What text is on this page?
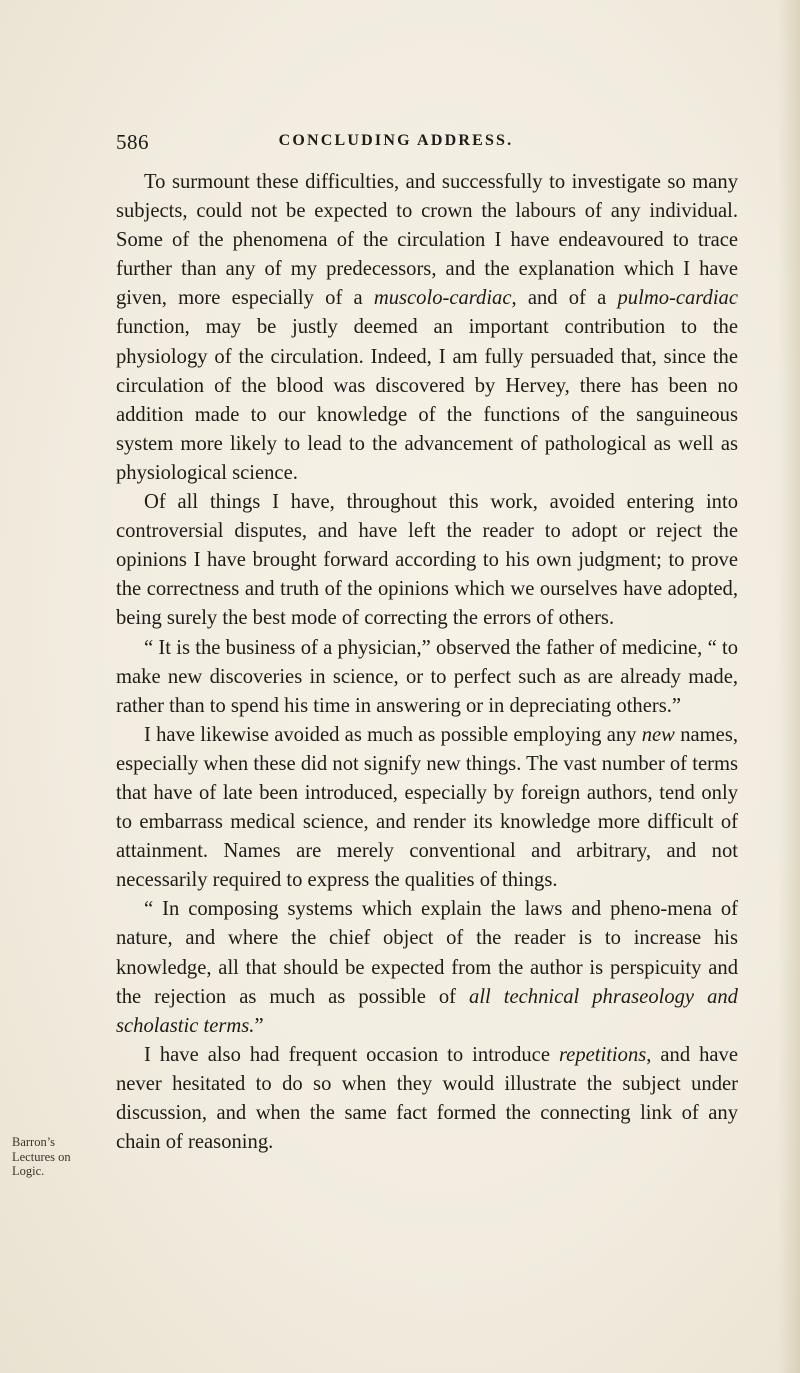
586	CONCLUDING ADDRESS.

To surmount these difficulties, and successfully to investigate so many subjects, could not be expected to crown the labours of any individual. Some of the phenomena of the circulation I have endeavoured to trace further than any of my predecessors, and the explanation which I have given, more especially of a muscolo-cardiac, and of a pulmo-cardiac function, may be justly deemed an important contribution to the physiology of the circulation. Indeed, I am fully persuaded that, since the circulation of the blood was discovered by Hervey, there has been no addition made to our knowledge of the functions of the sanguineous system more likely to lead to the advancement of pathological as well as physiological science.

Of all things I have, throughout this work, avoided entering into controversial disputes, and have left the reader to adopt or reject the opinions I have brought forward according to his own judgment; to prove the correctness and truth of the opinions which we ourselves have adopted, being surely the best mode of correcting the errors of others.

“ It is the business of a physician,” observed the father of medicine, “ to make new discoveries in science, or to perfect such as are already made, rather than to spend his time in answering or in depreciating others.”

I have likewise avoided as much as possible employing any new names, especially when these did not signify new things. The vast number of terms that have of late been introduced, especially by foreign authors, tend only to embarrass medical science, and render its knowledge more difficult of attainment. Names are merely conventional and arbitrary, and not necessarily required to express the qualities of things.

“ In composing systems which explain the laws and pheno-mena of nature, and where the chief object of the reader is to increase his knowledge, all that should be expected from the author is perspicuity and the rejection as much as possible of all technical phraseology and scholastic terms.”

I have also had frequent occasion to introduce repetitions, and have never hesitated to do so when they would illustrate the subject under discussion, and when the same fact formed the connecting link of any chain of reasoning.

Barron’s Lectures on Logic.
